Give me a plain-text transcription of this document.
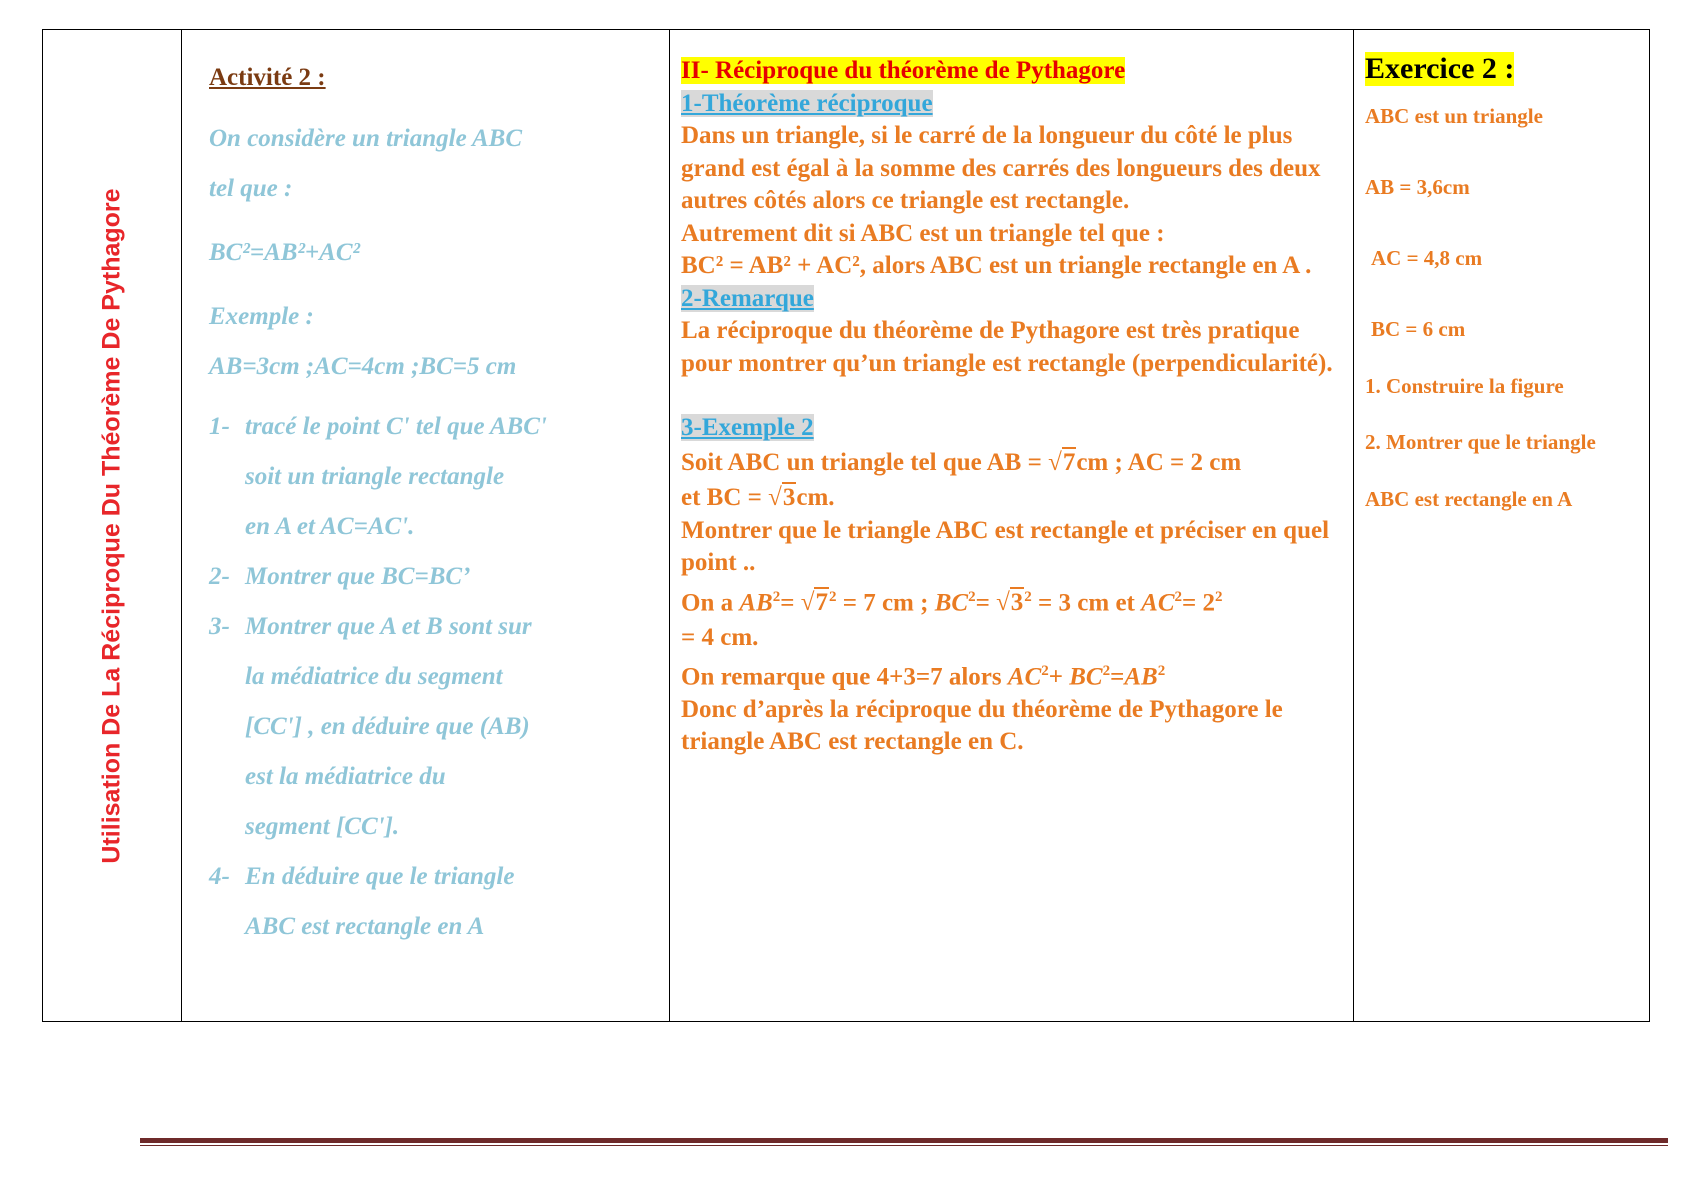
Utilisation De La Réciproque Du Théorème De Pythagore
Activité 2 :

On considère un triangle ABC

tel que :

BC²=AB²+AC²

Exemple :

AB=3cm ;AC=4cm ;BC=5 cm

1- tracé le point C' tel que ABC'
soit un triangle rectangle
en A et AC=AC'.
2- Montrer que BC=BC’
3- Montrer que A et B sont sur
la médiatrice du segment
[CC'] , en déduire que (AB)
est la médiatrice du
segment [CC'].
4- En déduire que le triangle
ABC est rectangle en A

II- Réciproque du théorème de Pythagore

1-Théorème réciproque

Dans un triangle, si le carré de la longueur du côté le plus grand est égal à la somme des carrés des longueurs des deux autres côtés alors ce triangle est rectangle.

Autrement dit si ABC est un triangle tel que :

BC² = AB² + AC², alors ABC est un triangle rectangle en A .

2-Remarque

La réciproque du théorème de Pythagore est très pratique pour montrer qu’un triangle est rectangle (perpendicularité).

3-Exemple 2

Soit ABC un triangle tel que AB = √7cm ; AC = 2 cm

et BC = √3cm.

Montrer que le triangle ABC est rectangle et préciser en quel point ..

On a $AB^2= √7^2 = 7$ cm ; $BC^2= √3^2 = 3$ cm et $AC^2= 2^2$
= 4 cm.

On remarque que 4+3=7 alors $AC^2+ BC^2=AB^2$

Donc d’après la réciproque du théorème de Pythagore le triangle ABC est rectangle en C.

Exercice 2 :

ABC est un triangle

AB = 3,6cm

AC = 4,8 cm

BC = 6 cm

1. Construire la figure

2. Montrer que le triangle

ABC est rectangle en A
